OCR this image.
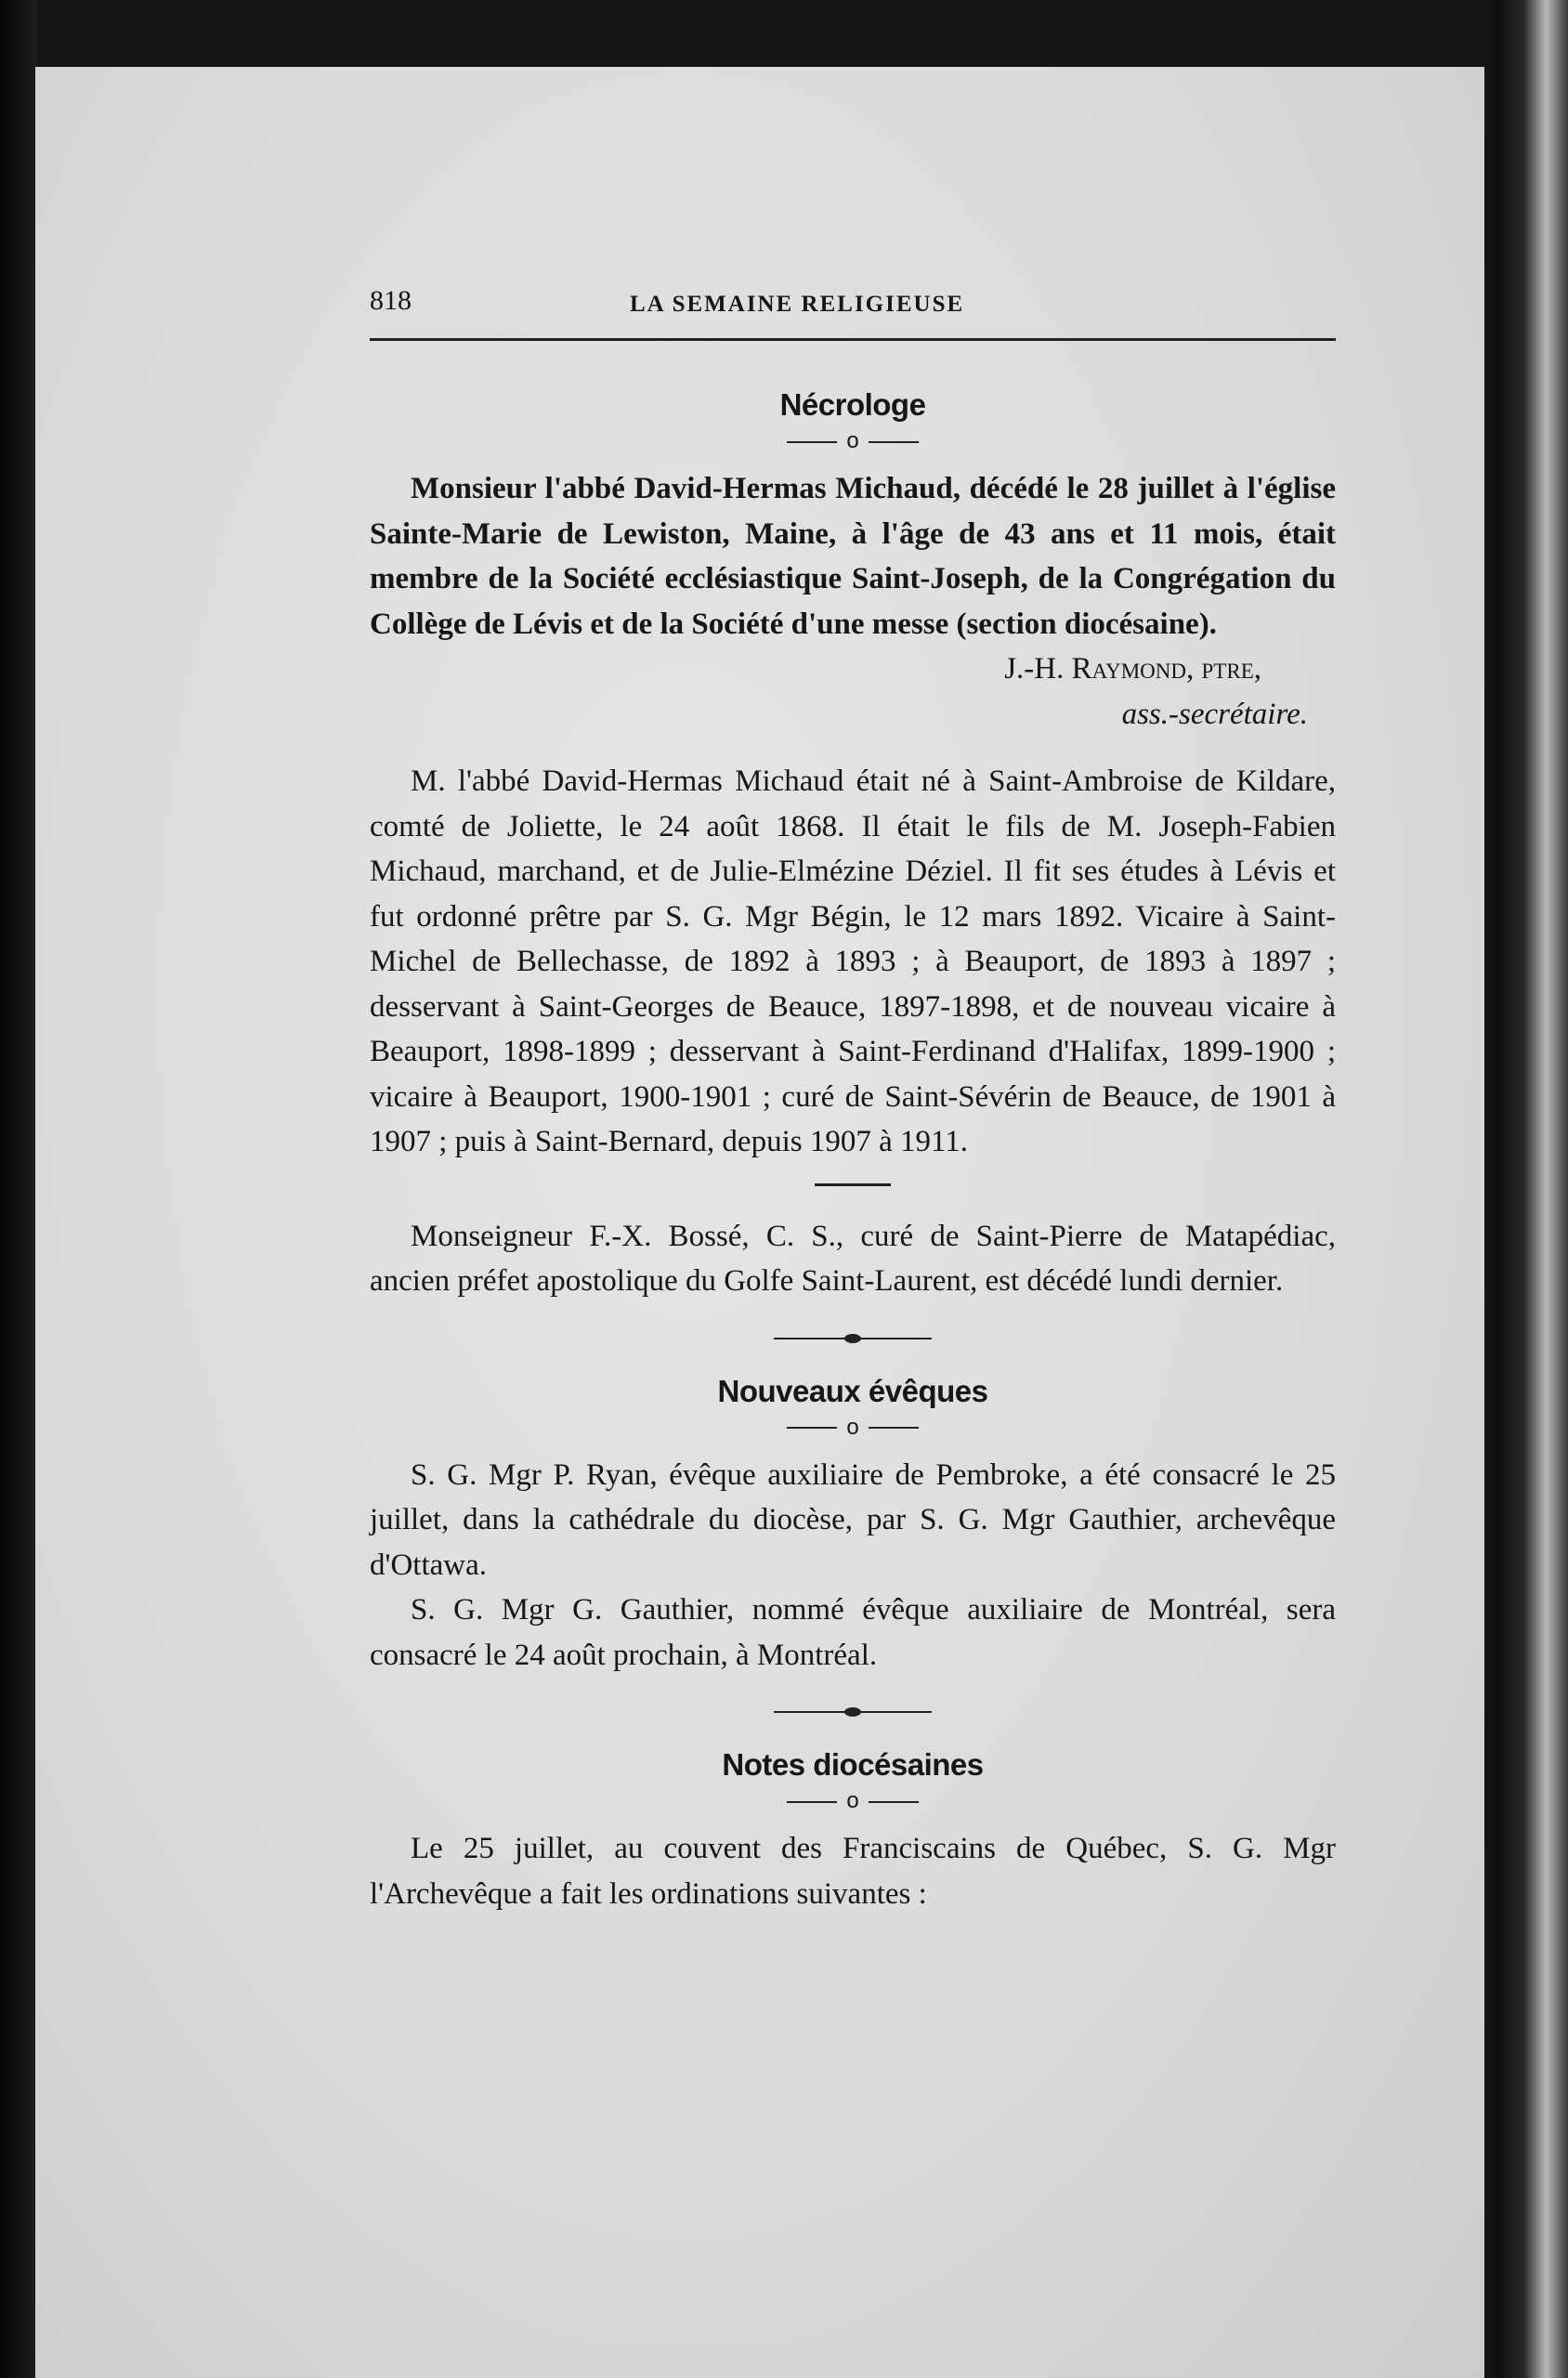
818	LA SEMAINE RELIGIEUSE
Nécrologe
o

Monsieur l'abbé David-Hermas Michaud, décédé le 28 juillet à l'église Sainte-Marie de Lewiston, Maine, à l'âge de 43 ans et 11 mois, était membre de la Société ecclésiastique Saint-Joseph, de la Congrégation du Collège de Lévis et de la Société d'une messe (section diocésaine).

J.-H. Raymond, ptre,
ass.-secrétaire.

M. l'abbé David-Hermas Michaud était né à Saint-Ambroise de Kildare, comté de Joliette, le 24 août 1868. Il était le fils de M. Joseph-Fabien Michaud, marchand, et de Julie-Elmézine Déziel. Il fit ses études à Lévis et fut ordonné prêtre par S. G. Mgr Bégin, le 12 mars 1892. Vicaire à Saint-Michel de Bellechasse, de 1892 à 1893 ; à Beauport, de 1893 à 1897 ; desservant à Saint-Georges de Beauce, 1897-1898, et de nouveau vicaire à Beauport, 1898-1899 ; desservant à Saint-Ferdinand d'Halifax, 1899-1900 ; vicaire à Beauport, 1900-1901 ; curé de Saint-Sévérin de Beauce, de 1901 à 1907 ; puis à Saint-Bernard, depuis 1907 à 1911.

Monseigneur F.-X. Bossé, C. S., curé de Saint-Pierre de Matapédiac, ancien préfet apostolique du Golfe Saint-Laurent, est décédé lundi dernier.

Nouveaux évêques
o

S. G. Mgr P. Ryan, évêque auxiliaire de Pembroke, a été consacré le 25 juillet, dans la cathédrale du diocèse, par S. G. Mgr Gauthier, archevêque d'Ottawa.

S. G. Mgr G. Gauthier, nommé évêque auxiliaire de Montréal, sera consacré le 24 août prochain, à Montréal.

Notes diocésaines
o

Le 25 juillet, au couvent des Franciscains de Québec, S. G. Mgr l'Archevêque a fait les ordinations suivantes :
